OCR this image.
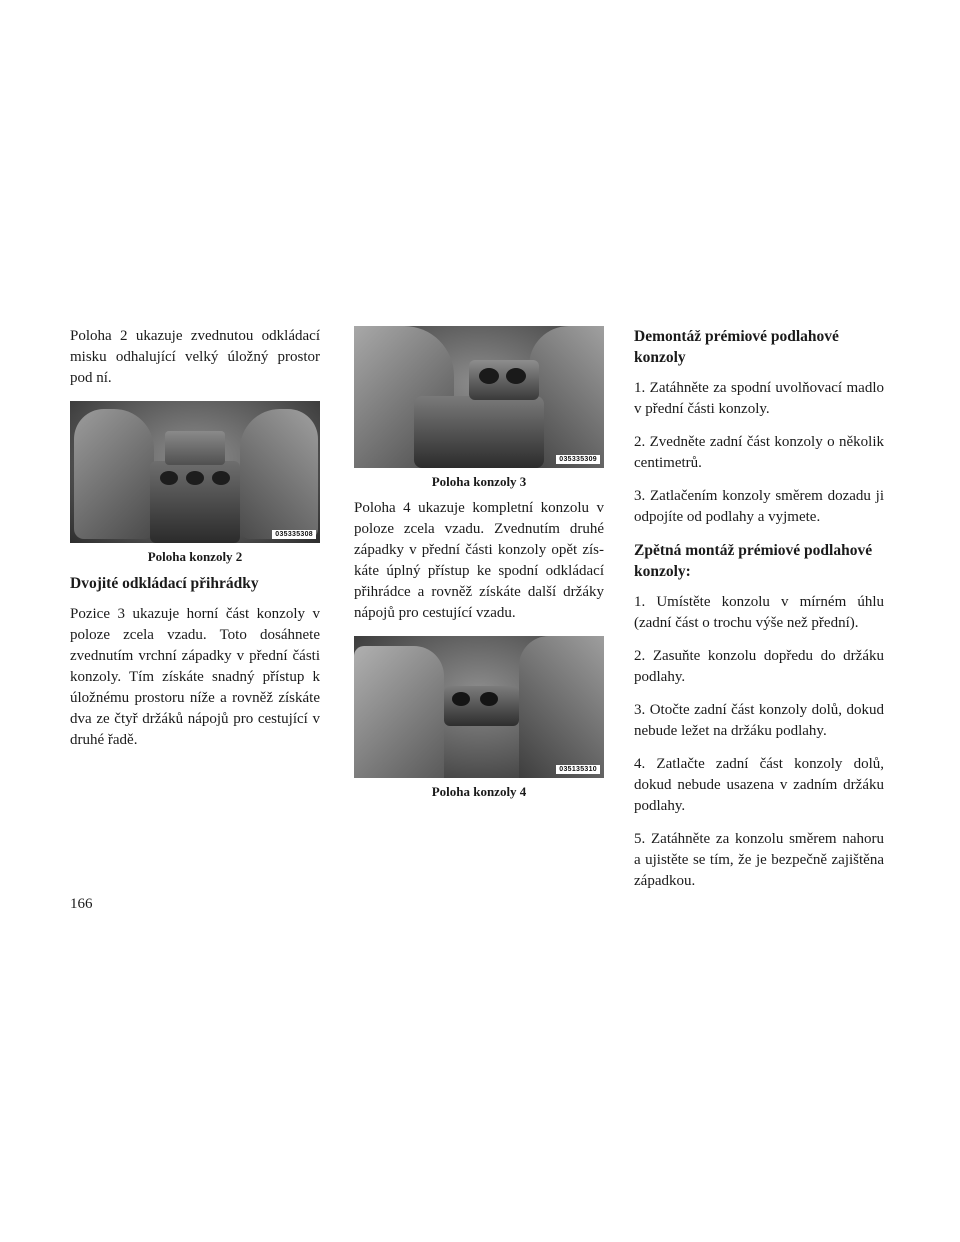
Poloha 2 ukazuje zvednutou odkládací misku odhalující velký úložný prostor pod ní.

035335308
Poloha konzoly 2
Dvojité odkládací přihrádky

Pozice 3 ukazuje horní část konzoly v poloze zcela vzadu. Toto dosáhnete zvednutím vrchní západky v přední části konzoly. Tím získáte snadný přístup k úložnému prostoru níže a rovněž získáte dva ze čtyř držáků nápojů pro cestující v druhé řadě.

035335309
Poloha konzoly 3

Poloha 4 ukazuje kompletní konzolu v poloze zcela vzadu. Zvednutím druhé západky v přední části konzoly opět získáte úplný přístup ke spodní odkládací přihrádce a rovněž získáte další držáky nápojů pro cestující vzadu.

035135310
Poloha konzoly 4
Demontáž prémiové podlahové konzoly

1. Zatáhněte za spodní uvolňovací madlo v přední části konzoly.

2. Zvedněte zadní část konzoly o několik centimetrů.

3. Zatlačením konzoly směrem dozadu ji odpojíte od podlahy a vyjmete.

Zpětná montáž prémiové podlahové konzoly:

1. Umístěte konzolu v mírném úhlu (zadní část o trochu výše než přední).

2. Zasuňte konzolu dopředu do držáku podlahy.

3. Otočte zadní část konzoly dolů, dokud nebude ležet na držáku podlahy.

4. Zatlačte zadní část konzoly dolů, dokud nebude usazena v zadním držáku podlahy.

5. Zatáhněte za konzolu směrem nahoru a ujistěte se tím, že je bezpečně zajištěna západkou.

166
